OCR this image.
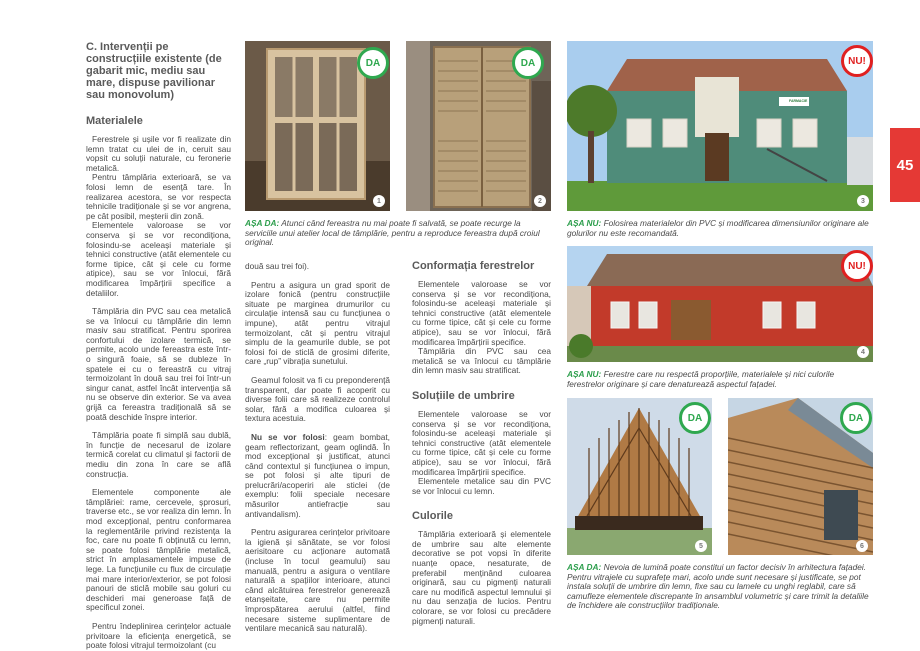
45
C. Intervenții pe construcțiile existente (de gabarit mic, mediu sau mare, dispuse pavilionar sau monovolum)
Materialele

Ferestrele și ușile vor fi realizate din lemn tratat cu ulei de in, ceruit sau vopsit cu soluții naturale, cu feronerie metalică.

Pentru tâmplăria exterioară, se va folosi lemn de esență tare. În realizarea acestora, se vor respecta tehnicile tradiționale și se vor angrena, pe cât posibil, meșterii din zonă.

Elementele valoroase se vor conserva și se vor recondiționa, folosindu-se aceleași materiale și tehnici constructive (atât elementele cu forme tipice, cât și cele cu forme atipice), sau se vor înlocui, fără modificarea împărțirii specifice a detaliilor.

Tâmplăria din PVC sau cea metalică se va înlocui cu tâmplărie din lemn masiv sau stratificat. Pentru sporirea confortului de izolare termică, se permite, acolo unde fereastra este într-o singură foaie, să se dubleze în spatele ei cu o fereastră cu vitraj termoizolant în două sau trei foi într-un singur canat, astfel încât intervenția să nu se observe din exterior. Se va avea grijă ca fereastra tradițională să se poată deschide înspre interior.

Tâmplăria poate fi simplă sau dublă, în funcție de necesarul de izolare termică corelat cu climatul și factorii de mediu din zona în care se află construcția.

Elementele componente ale tâmplăriei: rame, cercevele, șprosuri, traverse etc., se vor realiza din lemn. În mod excepțional, pentru conformarea la reglementările privind rezistența la foc, care nu poate fi obținută cu lemn, se poate folosi tâmplărie metalică, strict în amplasamentele impuse de lege. La funcțiunile cu flux de circulație mai mare interior/exterior, se pot folosi panouri de sticlă mobile sau goluri cu deschideri mai generoase față de specificul zonei.

Pentru îndeplinirea cerințelor actuale privitoare la eficiența energetică, se poate folosi vitrajul termoizolant (cu

DA
1
DA
2
AȘA DA: Atunci când fereastra nu mai poate fi salvată, se poate recurge la serviciile unui atelier local de tâmplărie, pentru a reproduce fereastra după croiul original.

două sau trei foi).

Pentru a asigura un grad sporit de izolare fonică (pentru construcțiile situate pe marginea drumurilor cu circulație intensă sau cu funcțiunea o impune), atât pentru vitrajul termoizolant, cât și pentru vitrajul simplu de la geamurile duble, se pot folosi foi de sticlă de grosimi diferite, care „rup” vibrația sunetului.

Geamul folosit va fi cu preponderență transparent, dar poate fi acoperit cu diverse folii care să realizeze controlul solar, fără a modifica culoarea și textura acestuia.

Nu se vor folosi: geam bombat, geam reflectorizant, geam oglindă. În mod excepțional și justificat, atunci când contextul și funcțiunea o impun, se pot folosi și alte tipuri de prelucrări/acoperiri ale sticlei (de exemplu: folii speciale necesare măsurilor antiefracție sau antivandalism).

Pentru asigurarea cerințelor privitoare la igienă și sănătate, se vor folosi aerisitoare cu acționare automată (incluse în tocul geamului) sau manuală, pentru a asigura o ventilare naturală a spațiilor interioare, atunci când alcătuirea ferestrelor generează etanșeitate, care nu permite împrospătarea aerului (altfel, fiind necesare sisteme suplimentare de ventilare mecanică sau naturală).

Conformația ferestrelor

Elementele valoroase se vor conserva și se vor recondiționa, folosindu-se aceleași materiale și tehnici constructive (atât elementele cu forme tipice, cât și cele cu forme atipice), sau se vor înlocui, fără modificarea împărțirii specifice.

Tâmplăria din PVC sau cea metalică se va înlocui cu tâmplărie din lemn masiv sau stratificat.

Soluțiile de umbrire

Elementele valoroase se vor conserva și se vor recondiționa, folosindu-se aceleași materiale și tehnici constructive (atât elementele cu forme tipice, cât și cele cu forme atipice), sau se vor înlocui, fără modificarea împărțirii specifice.

Elementele metalice sau din PVC se vor înlocui cu lemn.

Culorile

Tâmplăria exterioară și elementele de umbrire sau alte elemente decorative se pot vopsi în diferite nuanțe opace, nesaturate, de preferabil menținând culoarea originară, sau cu pigmenți naturali care nu modifică aspectul lemnului și nu dau senzația de lucios. Pentru colorare, se vor folosi cu precădere pigmenți naturali.

FARMACIE
NU!
3
AȘA NU: Folosirea materialelor din PVC și modificarea dimensiunilor originare ale golurilor nu este recomandată.
NU!
4
AȘA NU: Ferestre care nu respectă proporțiile, materialele și nici culorile ferestrelor originare și care denaturează aspectul fațadei.
DA
5
DA
6
AȘA DA: Nevoia de lumină poate constitui un factor decisiv în arhitectura fațadei. Pentru vitrajele cu suprafețe mari, acolo unde sunt necesare și justificate, se pot instala soluții de umbrire din lemn, fixe sau cu lamele cu unghi reglabil, care să camufleze elementele discrepante în ansamblul volumetric și care trimit la detaliile de închidere ale construcțiilor tradiționale.
